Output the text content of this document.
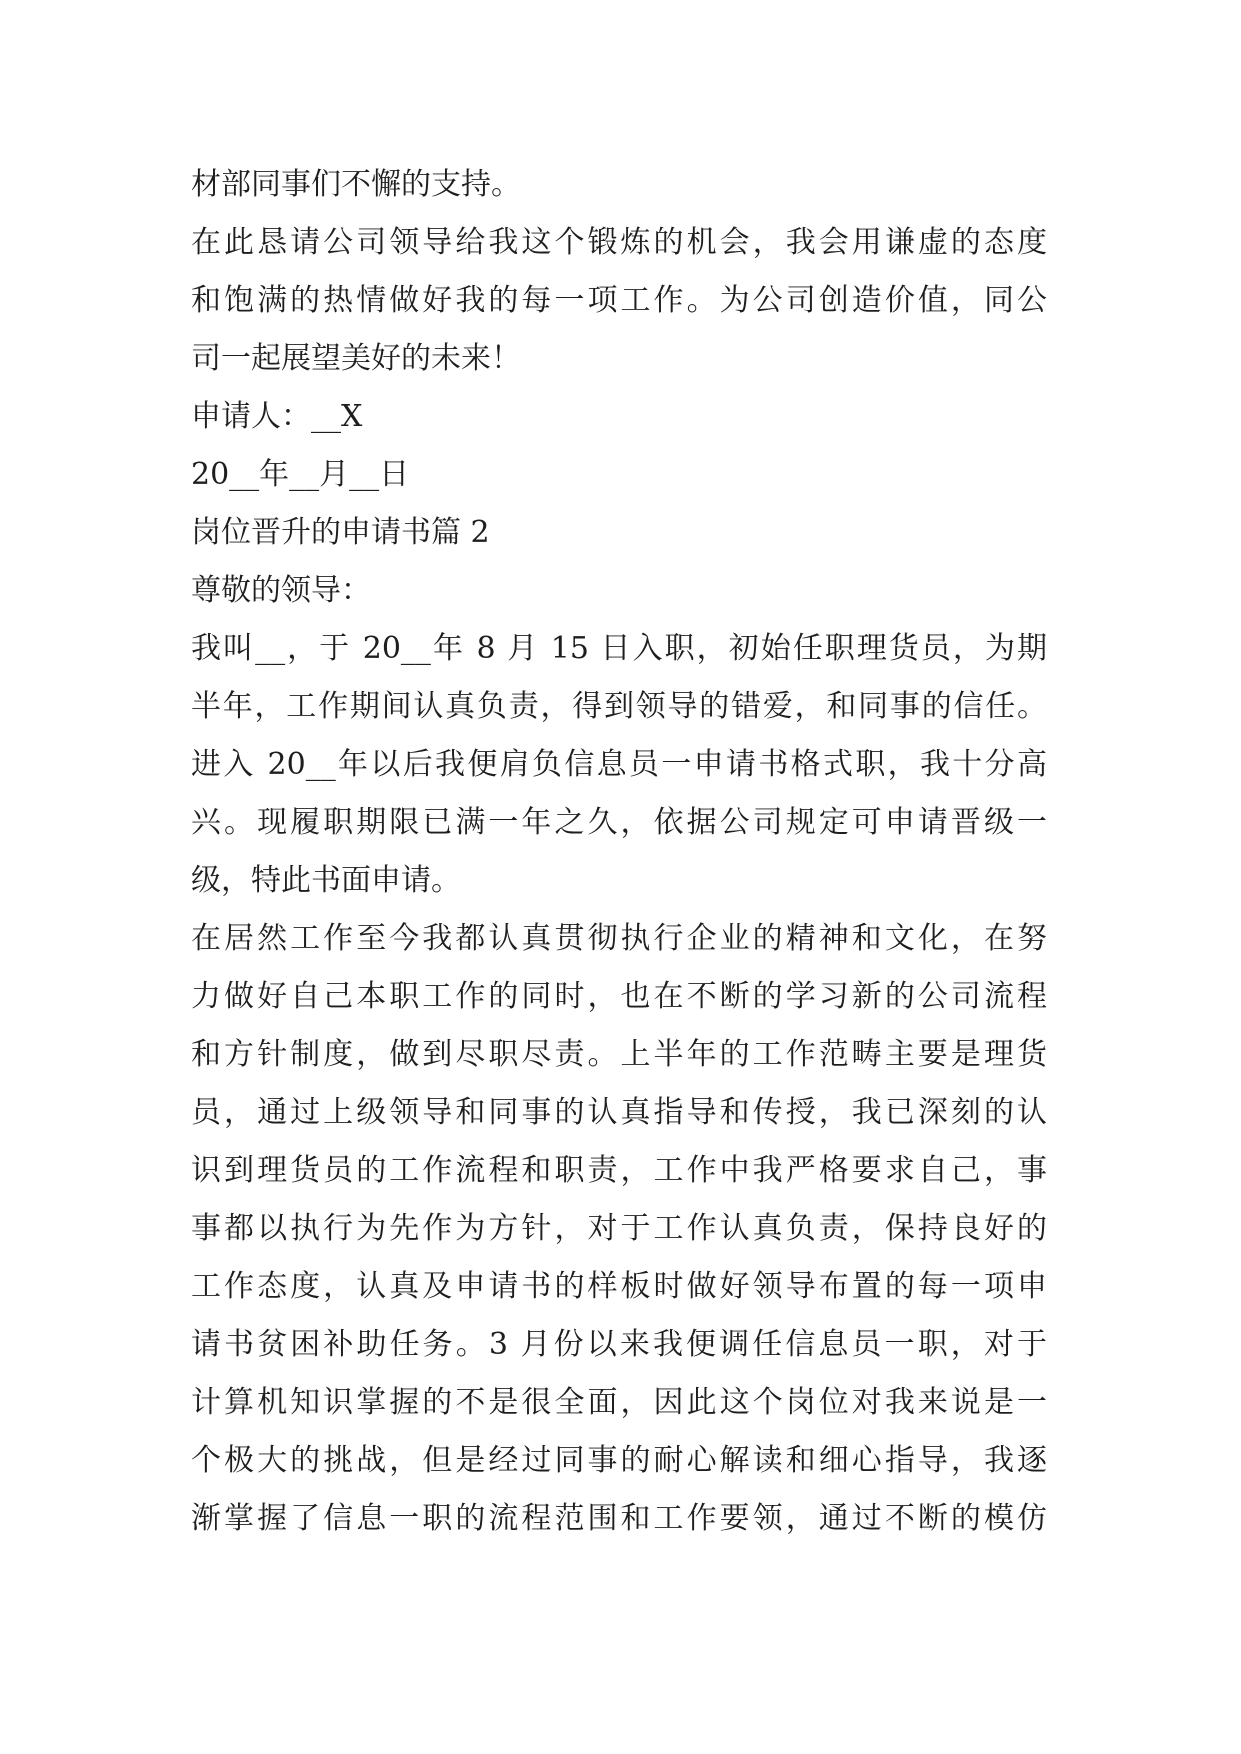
材部同事们不懈的支持。

在此恳请公司领导给我这个锻炼的机会，我会用谦虚的态度

和饱满的热情做好我的每一项工作。为公司创造价值，同公

司一起展望美好的未来！

申请人：__X

20__年__月__日

岗位晋升的申请书篇 2

尊敬的领导：

我叫__，于 20__年 8 月 15 日入职，初始任职理货员，为期

半年，工作期间认真负责，得到领导的错爱，和同事的信任。

进入 20__年以后我便肩负信息员一申请书格式职，我十分高

兴。现履职期限已满一年之久，依据公司规定可申请晋级一

级，特此书面申请。

在居然工作至今我都认真贯彻执行企业的精神和文化，在努

力做好自己本职工作的同时，也在不断的学习新的公司流程

和方针制度，做到尽职尽责。上半年的工作范畴主要是理货

员，通过上级领导和同事的认真指导和传授，我已深刻的认

识到理货员的工作流程和职责，工作中我严格要求自己，事

事都以执行为先作为方针，对于工作认真负责，保持良好的

工作态度，认真及申请书的样板时做好领导布置的每一项申

请书贫困补助任务。3 月份以来我便调任信息员一职，对于

计算机知识掌握的不是很全面，因此这个岗位对我来说是一

个极大的挑战，但是经过同事的耐心解读和细心指导，我逐

渐掌握了信息一职的流程范围和工作要领，通过不断的模仿
